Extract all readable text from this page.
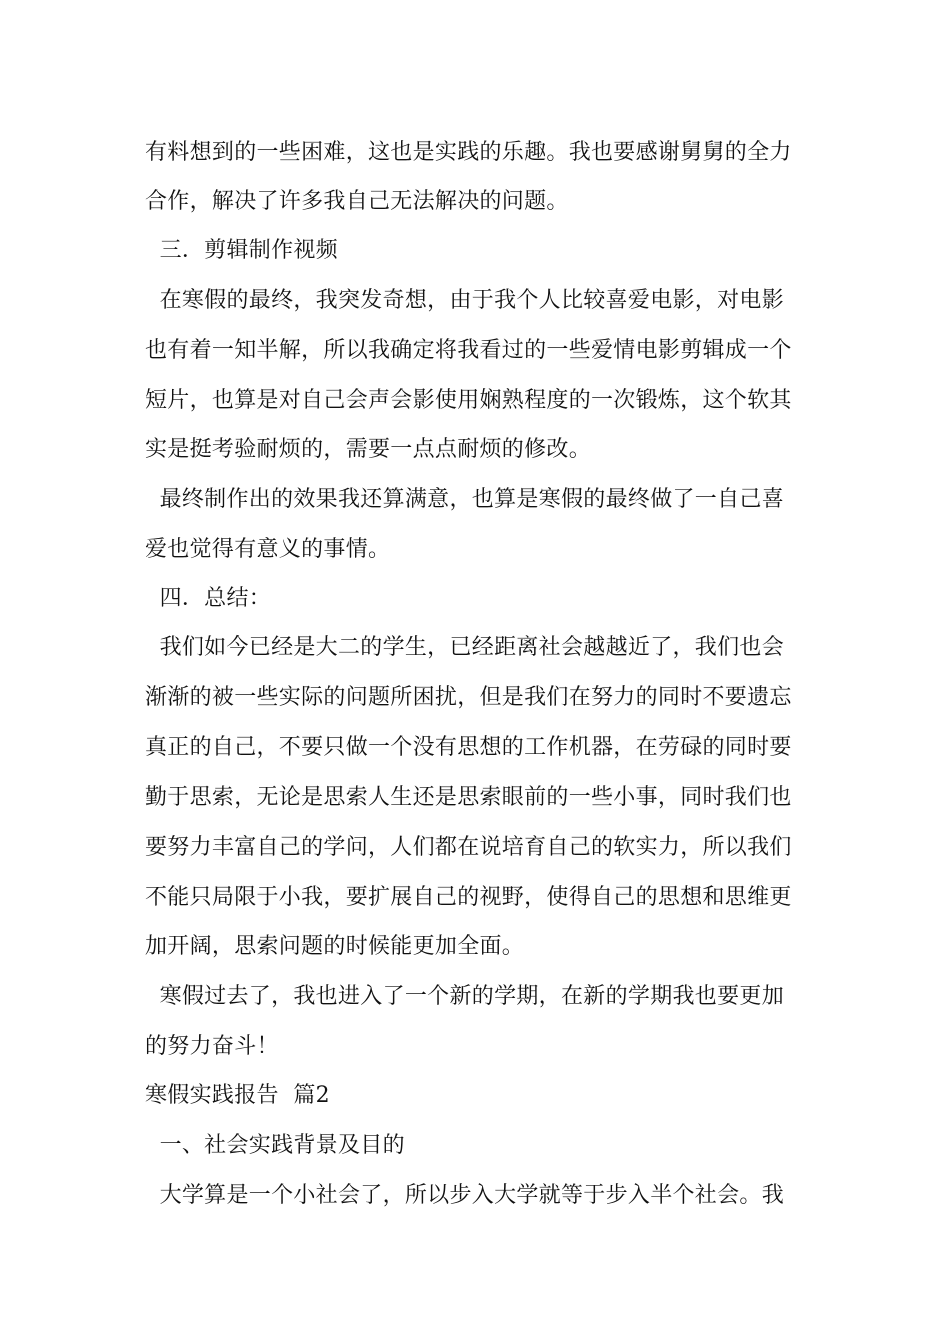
有料想到的一些困难，这也是实践的乐趣。我也要感谢舅舅的全力
合作，解决了许多我自己无法解决的问题。
三．剪辑制作视频
在寒假的最终，我突发奇想，由于我个人比较喜爱电影，对电影
也有着一知半解，所以我确定将我看过的一些爱情电影剪辑成一个
短片，也算是对自己会声会影使用娴熟程度的一次锻炼，这个软其
实是挺考验耐烦的，需要一点点耐烦的修改。
最终制作出的效果我还算满意，也算是寒假的最终做了一自己喜
爱也觉得有意义的事情。
四．总结：
我们如今已经是大二的学生，已经距离社会越越近了，我们也会
渐渐的被一些实际的问题所困扰，但是我们在努力的同时不要遗忘
真正的自己，不要只做一个没有思想的工作机器，在劳碌的同时要
勤于思索，无论是思索人生还是思索眼前的一些小事，同时我们也
要努力丰富自己的学问，人们都在说培育自己的软实力，所以我们
不能只局限于小我，要扩展自己的视野，使得自己的思想和思维更
加开阔，思索问题的时候能更加全面。
寒假过去了，我也进入了一个新的学期，在新的学期我也要更加
的努力奋斗！
寒假实践报告  篇2
一、社会实践背景及目的
大学算是一个小社会了，所以步入大学就等于步入半个社会。我
